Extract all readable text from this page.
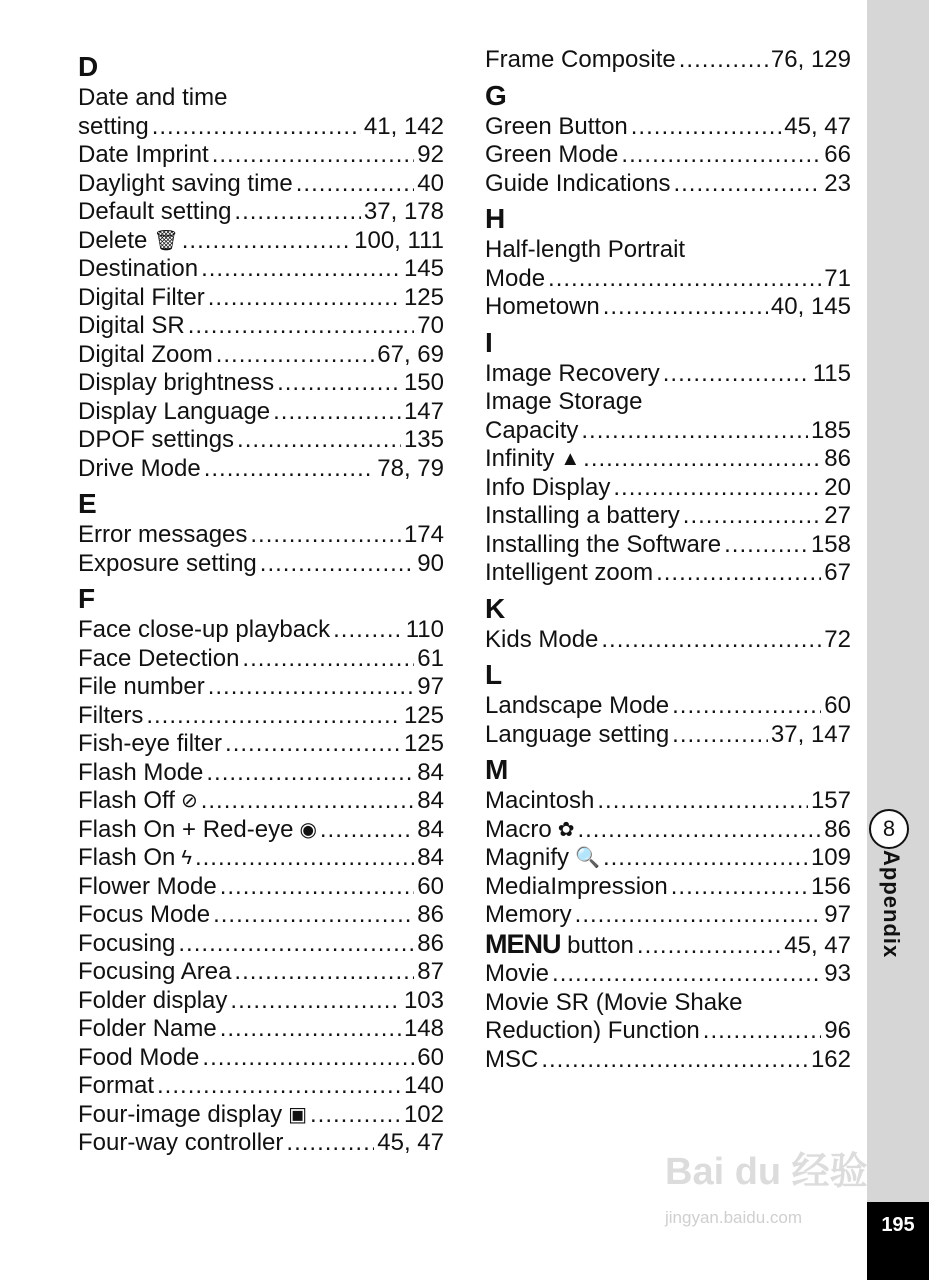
D
Date and time
setting .....	41, 142
Date Imprint .....	92
Daylight saving time .....	40
Default setting .....	37, 178
Delete 🗑 .....	100, 111
Destination .....	145
Digital Filter .....	125
Digital SR .....	70
Digital Zoom .....	67, 69
Display brightness .....	150
Display Language .....	147
DPOF settings .....	135
Drive Mode .....	78, 79
E
Error messages .....	174
Exposure setting .....	90
F
Face close-up playback .....	110
Face Detection .....	61
File number .....	97
Filters .....	125
Fish-eye filter .....	125
Flash Mode .....	84
Flash Off ⊘ .....	84
Flash On + Red-eye ◉ .....	84
Flash On ϟ .....	84
Flower Mode .....	60
Focus Mode .....	86
Focusing .....	86
Focusing Area .....	87
Folder display .....	103
Folder Name .....	148
Food Mode .....	60
Format .....	140
Four-image display ▣ .....	102
Four-way controller .....	45, 47
Frame Composite .....	76, 129
G
Green Button .....	45, 47
Green Mode .....	66
Guide Indications .....	23
H
Half-length Portrait
Mode .....	71
Hometown .....	40, 145
I
Image Recovery .....	115
Image Storage
Capacity .....	185
Infinity ▲ .....	86
Info Display .....	20
Installing a battery .....	27
Installing the Software .....	158
Intelligent zoom .....	67
K
Kids Mode .....	72
L
Landscape Mode .....	60
Language setting .....	37, 147
M
Macintosh .....	157
Macro ✿ .....	86
Magnify 🔍 .....	109
MediaImpression .....	156
Memory .....	97
MENU button .....	45, 47
Movie .....	93
Movie SR (Movie Shake
Reduction) Function .....	96
MSC .....	162
8
Appendix
195
Bai du 经验
jingyan.baidu.com
